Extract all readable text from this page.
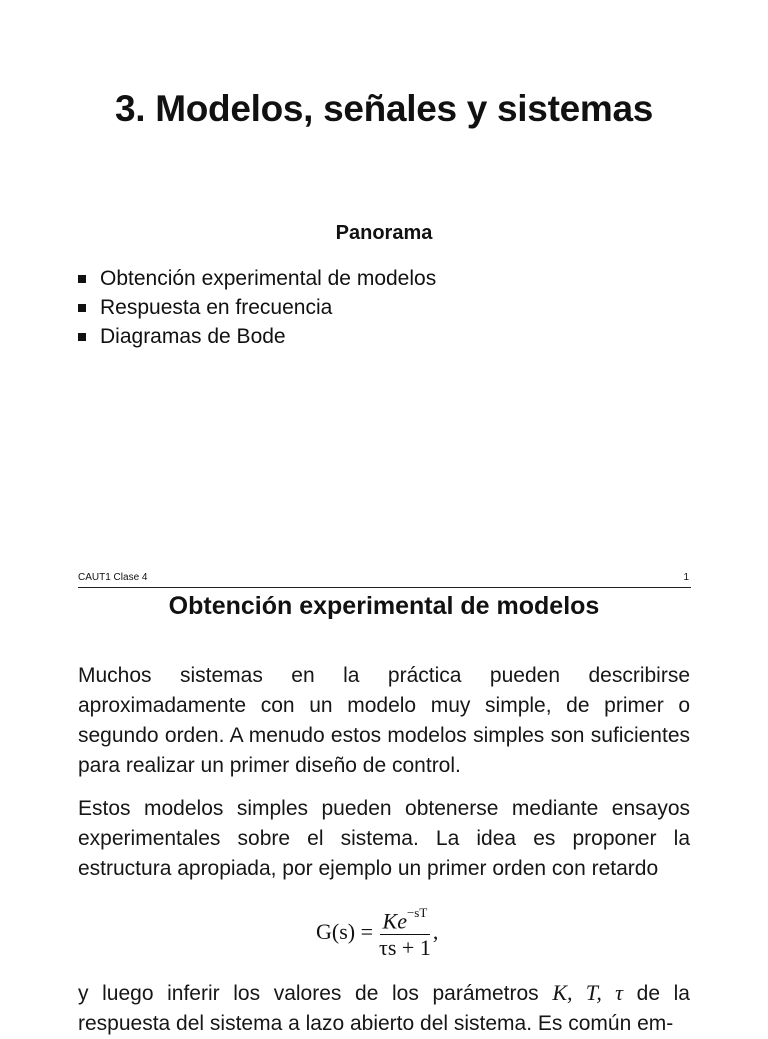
3. Modelos, señales y sistemas
Panorama
Obtención experimental de modelos
Respuesta en frecuencia
Diagramas de Bode
CAUT1 Clase 4	1
Obtención experimental de modelos

Muchos sistemas en la práctica pueden describirse aproximadamente con un modelo muy simple, de primer o segundo orden. A menudo estos modelos simples son suficientes para realizar un primer diseño de control.

Estos modelos simples pueden obtenerse mediante ensayos experimentales sobre el sistema. La idea es proponer la estructura apropiada, por ejemplo un primer orden con retardo

$G(s) = \frac{Ke^{-sT}}{\tau s + 1}$ ,

y luego inferir los valores de los parámetros K, T, τ de la respuesta del sistema a lazo abierto del sistema. Es común em-
